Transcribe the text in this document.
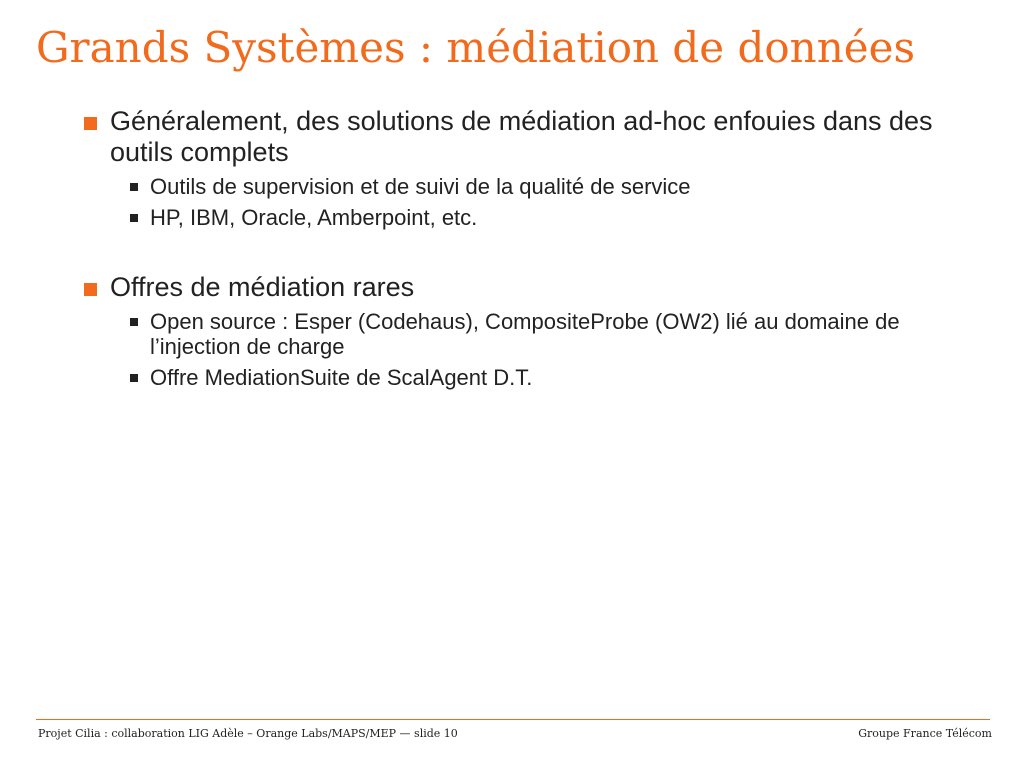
Grands Systèmes : médiation de données
Généralement, des solutions de médiation ad-hoc enfouies dans des outils complets
Outils de supervision et de suivi de la qualité de service
HP, IBM, Oracle, Amberpoint, etc.
Offres de médiation rares
Open source : Esper (Codehaus), CompositeProbe (OW2) lié au domaine de l’injection de charge
Offre MediationSuite de ScalAgent D.T.
Projet Cilia : collaboration LIG Adèle – Orange Labs/MAPS/MEP — slide 10	Groupe France Télécom
